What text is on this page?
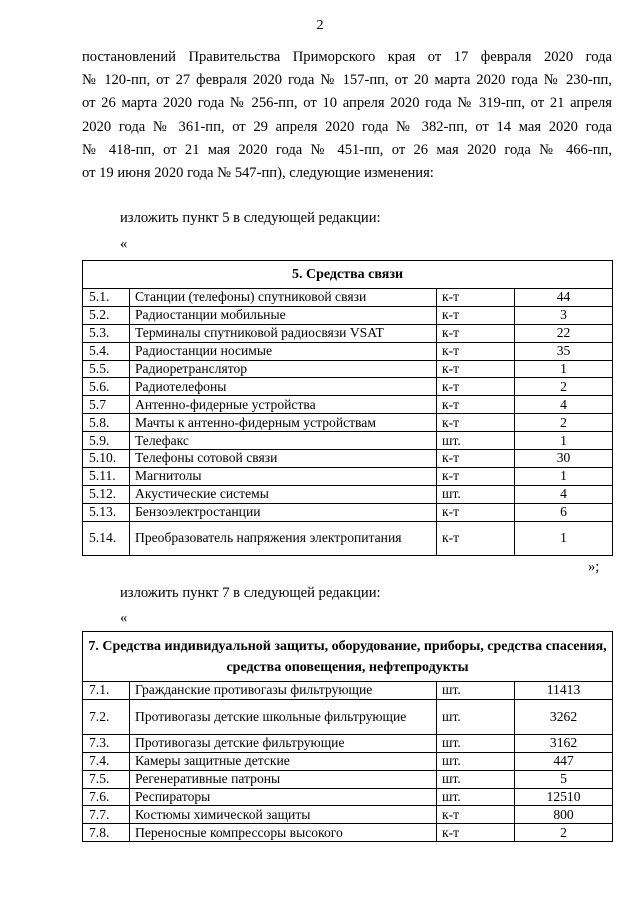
2
постановлений Правительства Приморского края от 17 февраля 2020 года
№ 120-пп, от 27 февраля 2020 года № 157-пп, от 20 марта 2020 года № 230-пп,
от 26 марта 2020 года № 256-пп, от 10 апреля 2020 года № 319-пп, от 21 апреля
2020 года № 361-пп, от 29 апреля 2020 года № 382-пп, от 14 мая 2020 года
№ 418-пп, от 21 мая 2020 года № 451-пп, от 26 мая 2020 года № 466-пп,
от 19 июня 2020 года № 547-пп), следующие изменения:
изложить пункт 5 в следующей редакции:
«
5. Средства связи			
5.1.	Станции (телефоны) спутниковой связи	к-т	44
5.2.	Радиостанции мобильные	к-т	3
5.3.	Терминалы спутниковой радиосвязи VSAT	к-т	22
5.4.	Радиостанции носимые	к-т	35
5.5.	Радиоретранслятор	к-т	1
5.6.	Радиотелефоны	к-т	2
5.7	Антенно-фидерные устройства	к-т	4
5.8.	Мачты к антенно-фидерным устройствам	к-т	2
5.9.	Телефакс	шт.	1
5.10.	Телефоны сотовой связи	к-т	30
5.11.	Магнитолы	к-т	1
5.12.	Акустические системы	шт.	4
5.13.	Бензоэлектростанции	к-т	6
5.14.	Преобразователь напряжения электропитания	к-т	1
»;
изложить пункт 7 в следующей редакции:
«
7. Средства индивидуальной защиты, оборудование, приборы, средства спасения, средства оповещения, нефтепродукты			
7.1.	Гражданские противогазы фильтрующие	шт.	11413
7.2.	Противогазы детские школьные фильтрующие	шт.	3262
7.3.	Противогазы детские фильтрующие	шт.	3162
7.4.	Камеры защитные детские	шт.	447
7.5.	Регенеративные патроны	шт.	5
7.6.	Респираторы	шт.	12510
7.7.	Костюмы химической защиты	к-т	800
7.8.	Переносные компрессоры высокого	к-т	2
